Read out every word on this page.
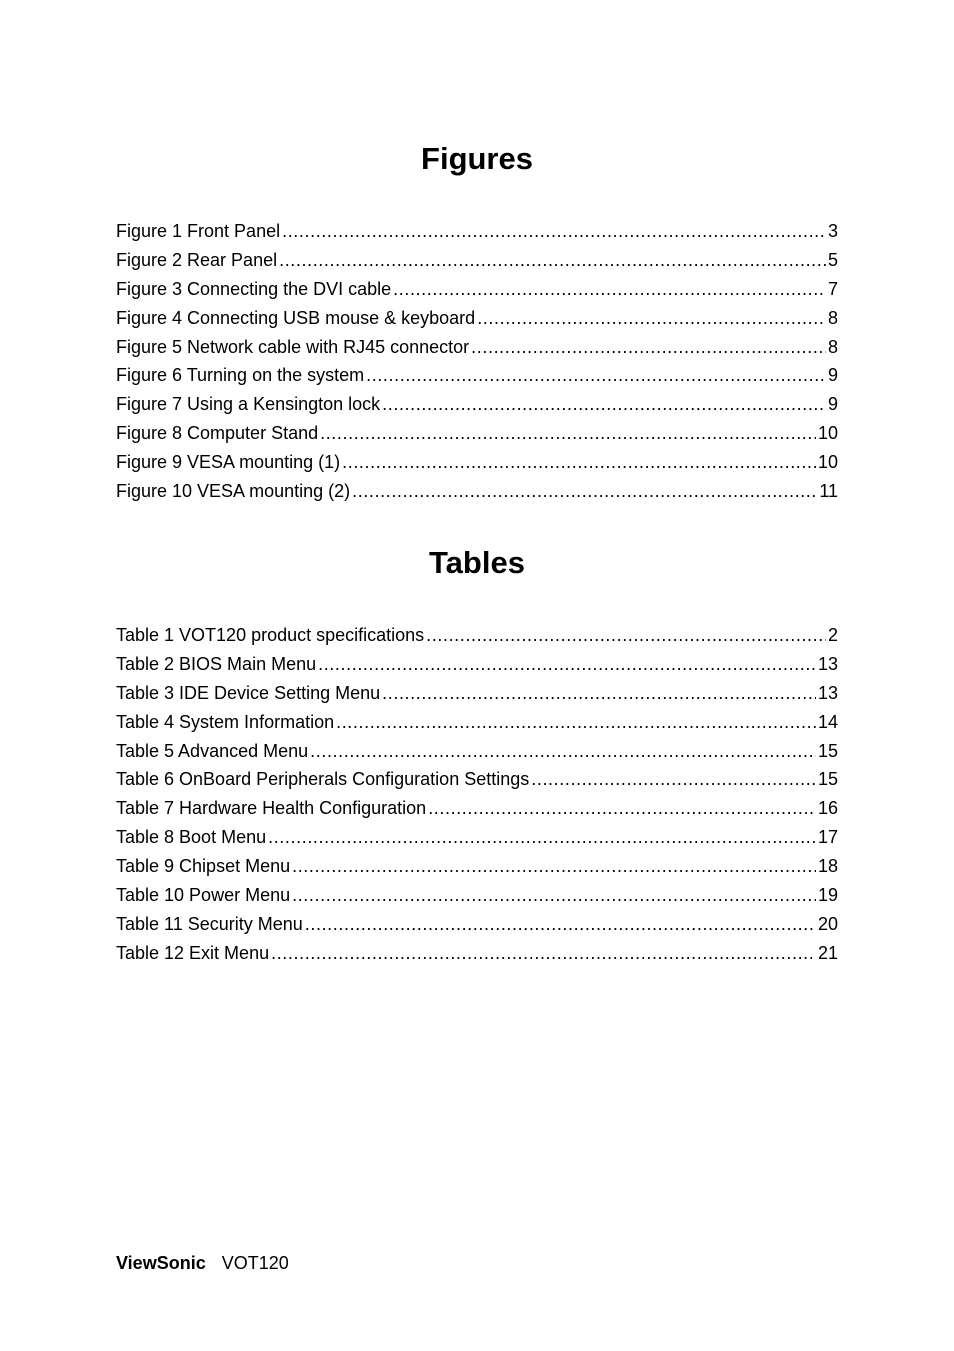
Figures
Figure 1 Front Panel .....	3
Figure 2 Rear Panel .....	5
Figure 3 Connecting the DVI cable .....	7
Figure 4 Connecting USB mouse & keyboard .....	8
Figure 5 Network cable with RJ45 connector .....	8
Figure 6 Turning on the system .....	9
Figure 7 Using a Kensington lock .....	9
Figure 8 Computer Stand .....	10
Figure 9 VESA mounting (1) .....	10
Figure 10 VESA mounting (2) .....	11
Tables
Table 1 VOT120 product specifications .....	2
Table 2 BIOS Main Menu .....	13
Table 3 IDE Device Setting Menu .....	13
Table 4 System Information .....	14
Table 5 Advanced Menu .....	15
Table 6 OnBoard Peripherals Configuration Settings .....	15
Table 7 Hardware Health Configuration .....	16
Table 8 Boot Menu .....	17
Table 9 Chipset Menu .....	18
Table 10 Power Menu .....	19
Table 11 Security Menu .....	20
Table 12 Exit Menu .....	21
ViewSonic VOT120
